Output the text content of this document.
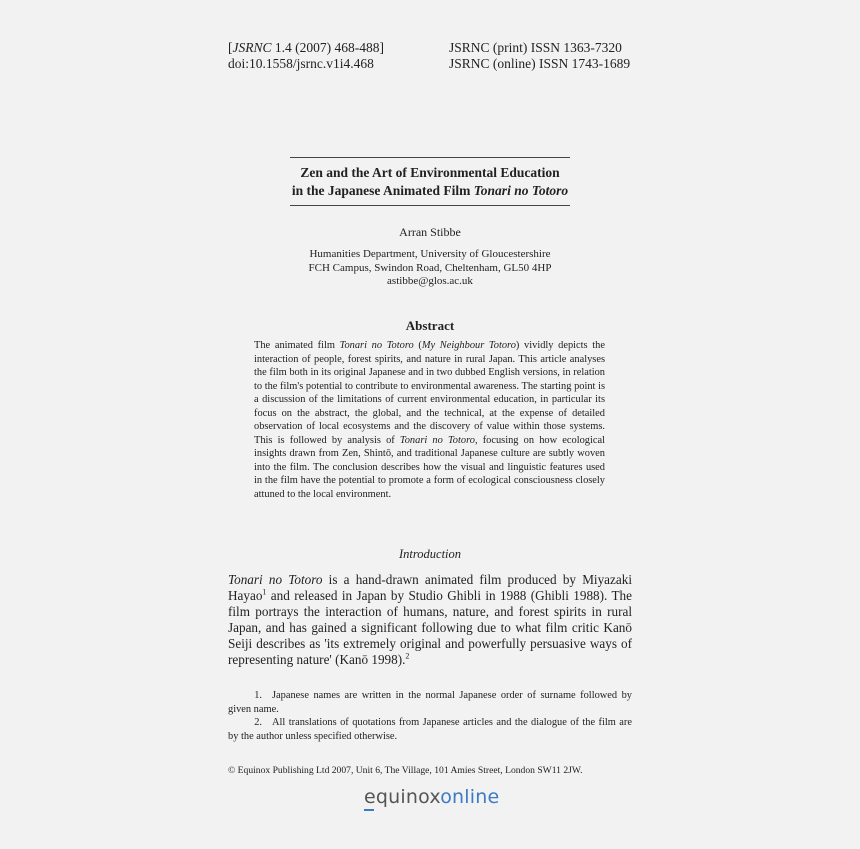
[JSRNC 1.4 (2007) 468-488]
doi:10.1558/jsrnc.v1i4.468
JSRNC (print) ISSN 1363-7320
JSRNC (online) ISSN 1743-1689
Zen and the Art of Environmental Education
in the Japanese Animated Film Tonari no Totoro
Arran Stibbe
Humanities Department, University of Gloucestershire
FCH Campus, Swindon Road, Cheltenham, GL50 4HP
astibbe@glos.ac.uk
Abstract
The animated film Tonari no Totoro (My Neighbour Totoro) vividly depicts the interaction of people, forest spirits, and nature in rural Japan. This article analyses the film both in its original Japanese and in two dubbed English versions, in relation to the film's potential to contribute to environmental awareness. The starting point is a discussion of the limitations of current environmental education, in particular its focus on the abstract, the global, and the technical, at the expense of detailed observation of local ecosystems and the discovery of value within those systems. This is followed by analysis of Tonari no Totoro, focusing on how ecological insights drawn from Zen, Shintō, and traditional Japanese culture are subtly woven into the film. The conclusion describes how the visual and linguistic features used in the film have the potential to promote a form of ecological consciousness closely attuned to the local environment.
Introduction
Tonari no Totoro is a hand-drawn animated film produced by Miyazaki Hayao$^1$ and released in Japan by Studio Ghibli in 1988 (Ghibli 1988). The film portrays the interaction of humans, nature, and forest spirits in rural Japan, and has gained a significant following due to what film critic Kanō Seiji describes as 'its extremely original and powerfully persuasive ways of representing nature' (Kanō 1998).$^2$
1. Japanese names are written in the normal Japanese order of surname followed by given name.
2. All translations of quotations from Japanese articles and the dialogue of the film are by the author unless specified otherwise.
© Equinox Publishing Ltd 2007, Unit 6, The Village, 101 Amies Street, London SW11 2JW.
equinoxonline
